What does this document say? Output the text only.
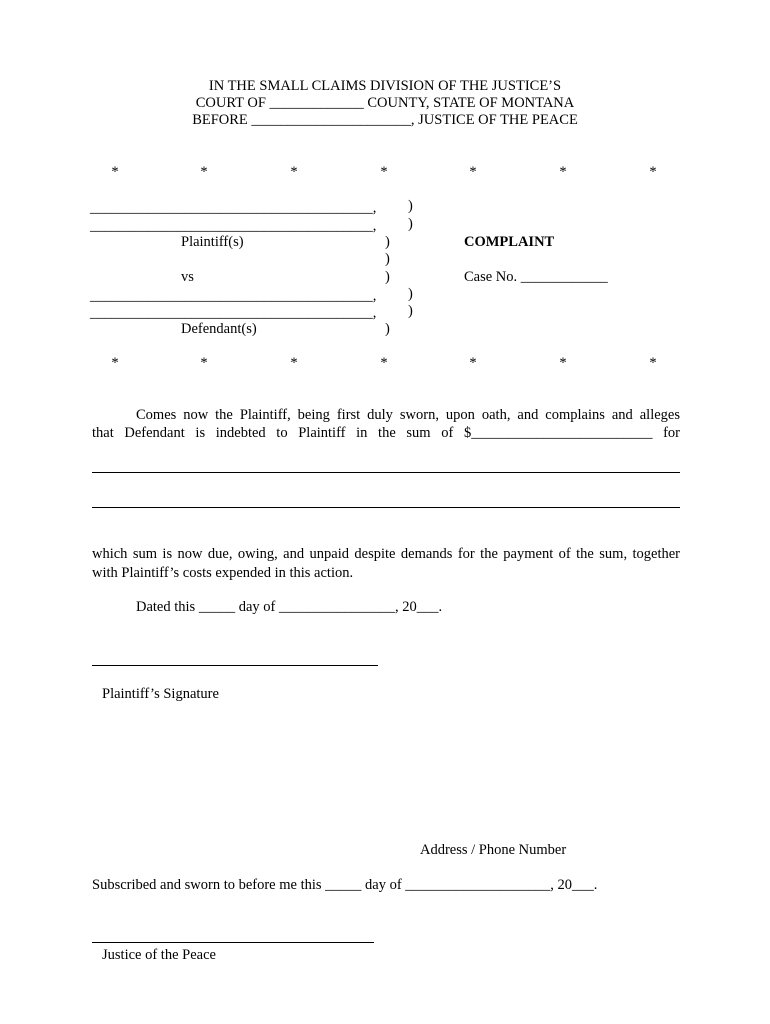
IN THE SMALL CLAIMS DIVISION OF THE JUSTICE’S
COURT OF _____________ COUNTY, STATE OF MONTANA
BEFORE ______________________, JUSTICE OF THE PEACE
*	*	*	*	*	*	*
_______________________________________, )
_______________________________________, )
Plaintiff(s)	)	COMPLAINT
)
vs	)	Case No. ____________
_______________________________________, )
_______________________________________, )
Defendant(s)	)
*	*	*	*	*	*	*
Comes now the Plaintiff, being first duly sworn, upon oath, and complains and alleges
that Defendant is indebted to Plaintiff in the sum of $_________________________ for
which sum is now due, owing, and unpaid despite demands for the payment of the sum, together
with Plaintiff’s costs expended in this action.
Dated this _____ day of ________________, 20___.
Plaintiff’s Signature
Address / Phone Number
Subscribed and sworn to before me this _____ day of ____________________, 20___.
Justice of the Peace
